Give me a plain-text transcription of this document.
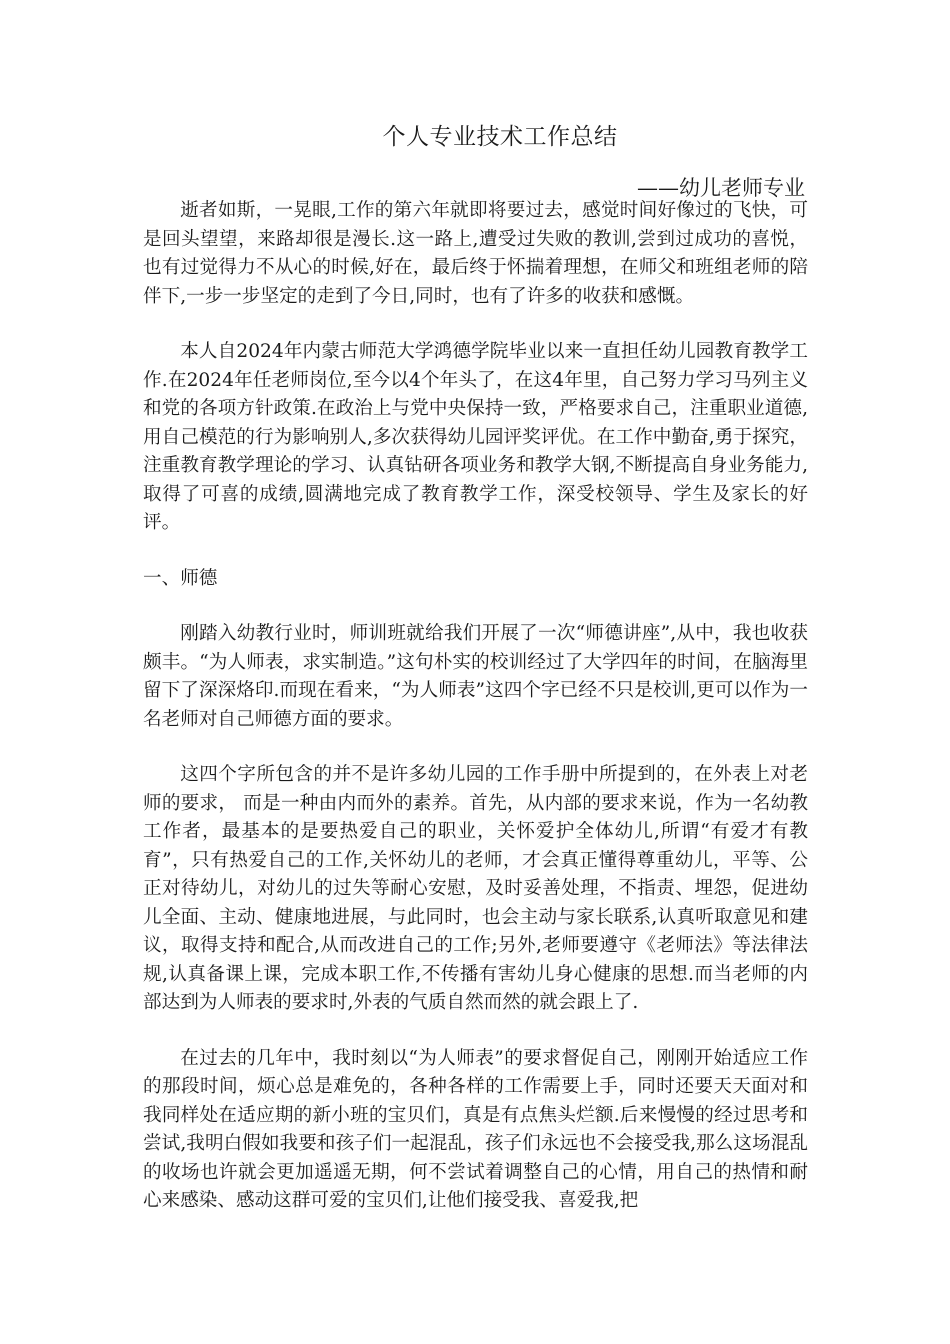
个人专业技术工作总结
——幼儿老师专业

逝者如斯，一晃眼,工作的第六年就即将要过去，感觉时间好像过的飞快，可是回头望望，来路却很是漫长.这一路上,遭受过失败的教训,尝到过成功的喜悦，也有过觉得力不从心的时候,好在，最后终于怀揣着理想，在师父和班组老师的陪伴下,一步一步坚定的走到了今日,同时，也有了许多的收获和感慨。

本人自2024年内蒙古师范大学鸿德学院毕业以来一直担任幼儿园教育教学工作.在2024年任老师岗位,至今以4个年头了，在这4年里，自己努力学习马列主义和党的各项方针政策.在政治上与党中央保持一致，严格要求自己，注重职业道德,用自己模范的行为影响别人,多次获得幼儿园评奖评优。在工作中勤奋,勇于探究，注重教育教学理论的学习、认真钻研各项业务和教学大钢,不断提高自身业务能力,取得了可喜的成绩,圆满地完成了教育教学工作，深受校领导、学生及家长的好评。

一、师德

刚踏入幼教行业时，师训班就给我们开展了一次“师德讲座”,从中，我也收获颇丰。“为人师表，求实制造。”这句朴实的校训经过了大学四年的时间，在脑海里留下了深深烙印.而现在看来，“为人师表”这四个字已经不只是校训,更可以作为一名老师对自己师德方面的要求。

这四个字所包含的并不是许多幼儿园的工作手册中所提到的，在外表上对老师的要求， 而是一种由内而外的素养。首先，从内部的要求来说，作为一名幼教工作者，最基本的是要热爱自己的职业，关怀爱护全体幼儿,所谓“有爱才有教育”，只有热爱自己的工作,关怀幼儿的老师，才会真正懂得尊重幼儿，平等、公正对待幼儿，对幼儿的过失等耐心安慰，及时妥善处理，不指责、埋怨，促进幼儿全面、主动、健康地进展，与此同时，也会主动与家长联系,认真听取意见和建议，取得支持和配合,从而改进自己的工作;另外,老师要遵守《老师法》等法律法规,认真备课上课，完成本职工作,不传播有害幼儿身心健康的思想.而当老师的内部达到为人师表的要求时,外表的气质自然而然的就会跟上了.

在过去的几年中，我时刻以“为人师表”的要求督促自己，刚刚开始适应工作的那段时间，烦心总是难免的，各种各样的工作需要上手，同时还要天天面对和我同样处在适应期的新小班的宝贝们，真是有点焦头烂额.后来慢慢的经过思考和尝试,我明白假如我要和孩子们一起混乱，孩子们永远也不会接受我,那么这场混乱的收场也许就会更加遥遥无期，何不尝试着调整自己的心情，用自己的热情和耐心来感染、感动这群可爱的宝贝们,让他们接受我、喜爱我,把
